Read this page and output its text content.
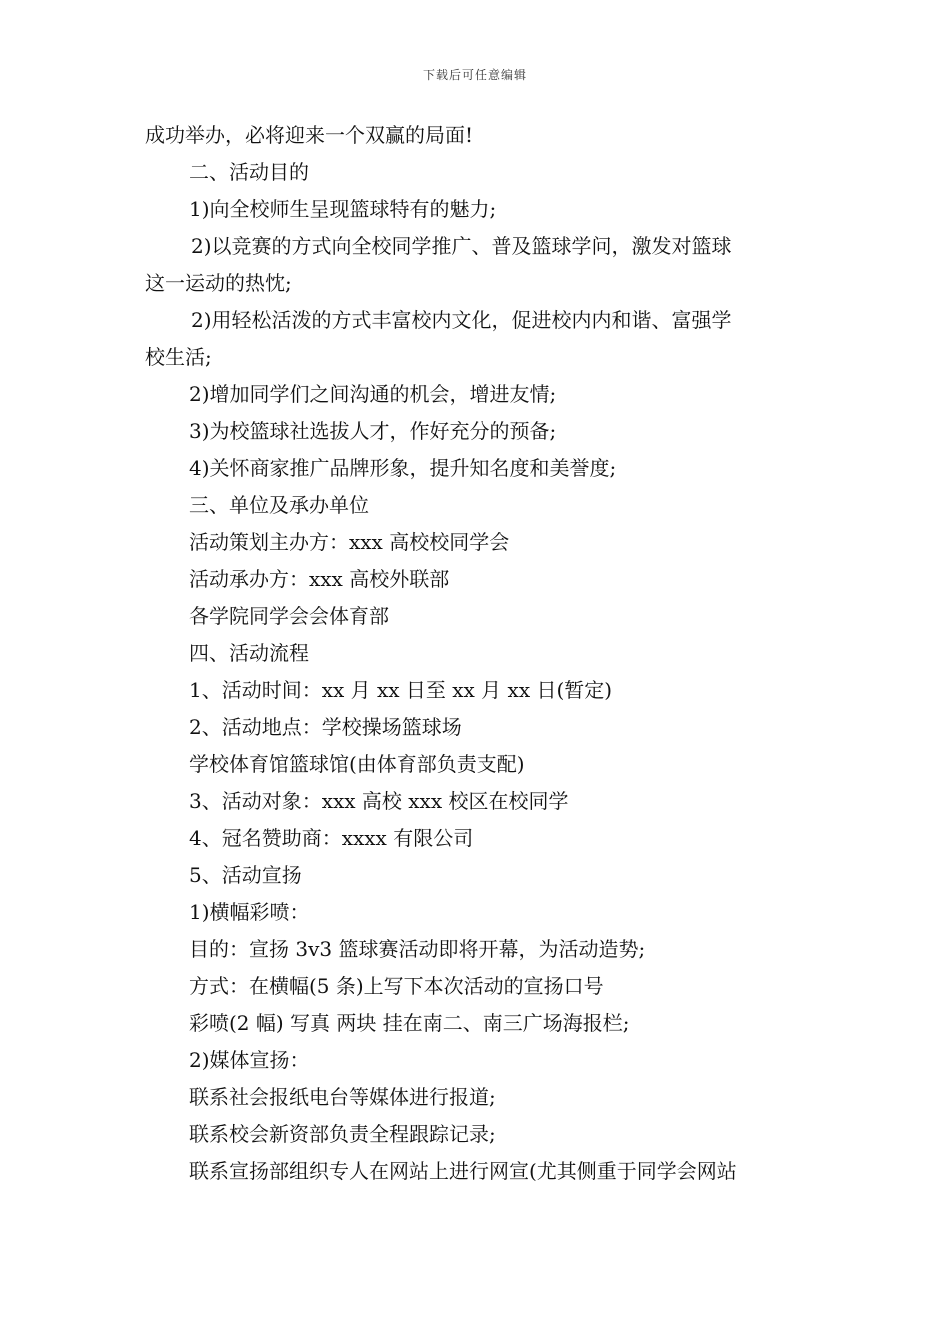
下载后可任意编辑
成功举办，必将迎来一个双赢的局面!
二、活动目的
1)向全校师生呈现篮球特有的魅力;
2)以竞赛的方式向全校同学推广、普及篮球学问，激发对篮球
这一运动的热忱;
2)用轻松活泼的方式丰富校内文化，促进校内内和谐、富强学
校生活;
2)增加同学们之间沟通的机会，增进友情;
3)为校篮球社选拔人才，作好充分的预备;
4)关怀商家推广品牌形象，提升知名度和美誉度;
三、单位及承办单位
活动策划主办方：xxx 高校校同学会
活动承办方：xxx 高校外联部
各学院同学会会体育部
四、活动流程
1、活动时间：xx 月 xx 日至 xx 月 xx 日(暂定)
2、活动地点：学校操场篮球场
学校体育馆篮球馆(由体育部负责支配)
3、活动对象：xxx 高校 xxx 校区在校同学
4、冠名赞助商：xxxx 有限公司
5、活动宣扬
1)横幅彩喷：
目的：宣扬 3v3 篮球赛活动即将开幕，为活动造势;
方式：在横幅(5 条)上写下本次活动的宣扬口号
彩喷(2 幅) 写真 两块 挂在南二、南三广场海报栏;
2)媒体宣扬：
联系社会报纸电台等媒体进行报道;
联系校会新资部负责全程跟踪记录;
联系宣扬部组织专人在网站上进行网宣(尤其侧重于同学会网站
